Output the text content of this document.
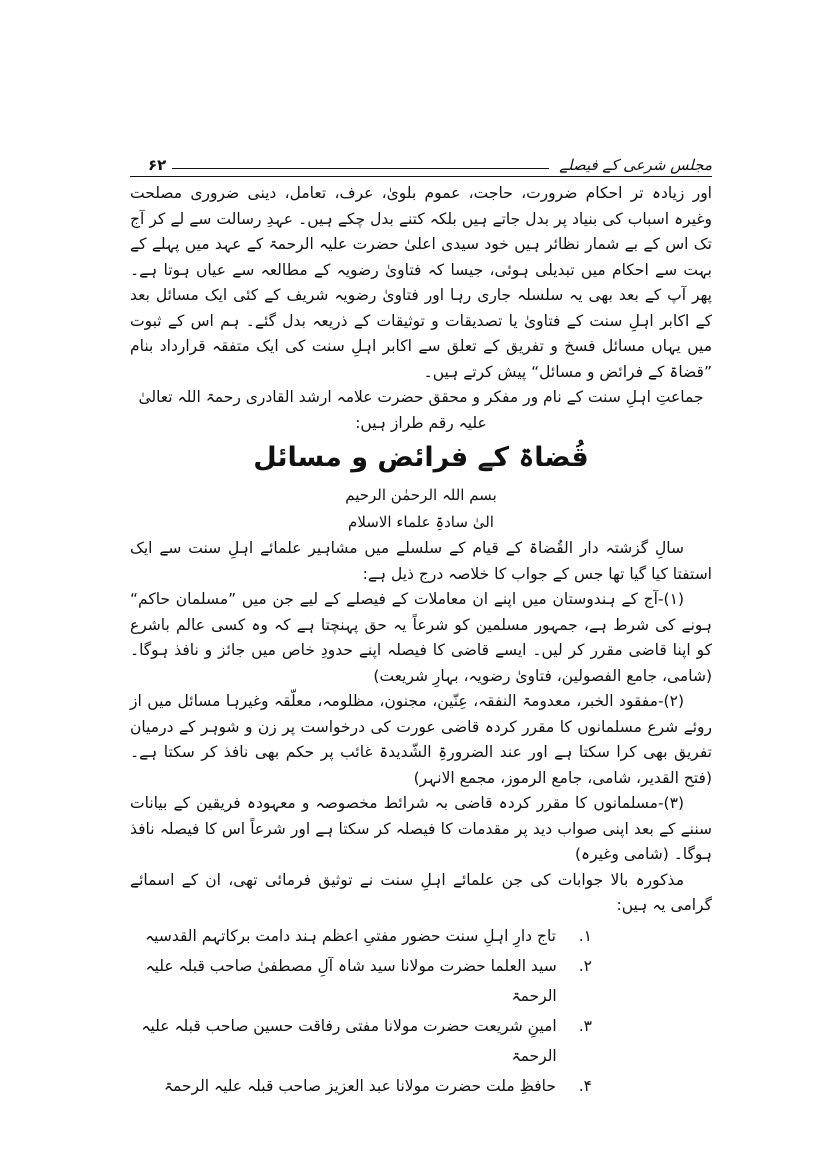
مجلس شرعی کے فیصلے
۶۲

اور زیادہ تر احکام ضرورت، حاجت، عموم بلویٰ، عرف، تعامل، دینی ضروری مصلحت وغیرہ اسباب کی بنیاد پر بدل جاتے ہیں بلکہ کتنے بدل چکے ہیں۔ عہدِ رسالت سے لے کر آج تک اس کے بے شمار نظائر ہیں خود سیدی اعلیٰ حضرت علیہ الرحمۃ کے عہد میں پہلے کے بہت سے احکام میں تبدیلی ہوئی، جیسا کہ فتاویٰ رضویہ کے مطالعہ سے عیاں ہوتا ہے۔ پھر آپ کے بعد بھی یہ سلسلہ جاری رہا اور فتاویٰ رضویہ شریف کے کئی ایک مسائل بعد کے اکابر اہلِ سنت کے فتاویٰ یا تصدیقات و توثیقات کے ذریعہ بدل گئے۔ ہم اس کے ثبوت میں یہاں مسائل فسخ و تفریق کے تعلق سے اکابر اہلِ سنت کی ایک متفقہ قرارداد بنام ”قضاۃ کے فرائض و مسائل“ پیش کرتے ہیں۔

جماعتِ اہلِ سنت کے نام ور مفکر و محقق حضرت علامہ ارشد القادری رحمۃ اللہ تعالیٰ علیہ رقم طراز ہیں:

قُضاۃ کے فرائض و مسائل
بسم اللہ الرحمٰن الرحیم
الیٰ سادۃِ علماء الاسلام

سالِ گزشتہ دار القُضاۃ کے قیام کے سلسلے میں مشاہیر علمائے اہلِ سنت سے ایک استفتا کیا گیا تھا جس کے جواب کا خلاصہ درج ذیل ہے:

(۱)-آج کے ہندوستان میں اپنے ان معاملات کے فیصلے کے لیے جن میں ”مسلمان حاکم“ ہونے کی شرط ہے، جمہور مسلمین کو شرعاً یہ حق پہنچتا ہے کہ وہ کسی عالم باشرع کو اپنا قاضی مقرر کر لیں۔ ایسے قاضی کا فیصلہ اپنے حدودِ خاص میں جائز و نافذ ہوگا۔ (شامی، جامع الفصولین، فتاویٰ رضویہ، بہارِ شریعت)

(۲)-مفقود الخبر، معدومۃ النفقہ، عِنّین، مجنون، مظلومہ، معلّقہ وغیرہا مسائل میں از روئے شرع مسلمانوں کا مقرر کردہ قاضی عورت کی درخواست پر زن و شوہر کے درمیان تفریق بھی کرا سکتا ہے اور عند الضرورۃِ الشّدیدۃ غائب پر حکم بھی نافذ کر سکتا ہے۔ (فتح القدیر، شامی، جامع الرموز، مجمع الانہر)

(۳)-مسلمانوں کا مقرر کردہ قاضی بہ شرائط مخصوصہ و معہودہ فریقین کے بیانات سننے کے بعد اپنی صواب دید پر مقدمات کا فیصلہ کر سکتا ہے اور شرعاً اس کا فیصلہ نافذ ہوگا۔ (شامی وغیرہ)

مذکورہ بالا جوابات کی جن علمائے اہلِ سنت نے توثیق فرمائی تھی، ان کے اسمائے گرامی یہ ہیں:

۱.
تاج دارِ اہلِ سنت حضور مفتیِ اعظم ہند دامت برکاتہم القدسیہ
۲.
سید العلما حضرت مولانا سید شاہ آلِ مصطفیٰ صاحب قبلہ علیہ الرحمۃ
۳.
امینِ شریعت حضرت مولانا مفتی رفاقت حسین صاحب قبلہ علیہ الرحمۃ
۴.
حافظِ ملت حضرت مولانا عبد العزیز صاحب قبلہ علیہ الرحمۃ
